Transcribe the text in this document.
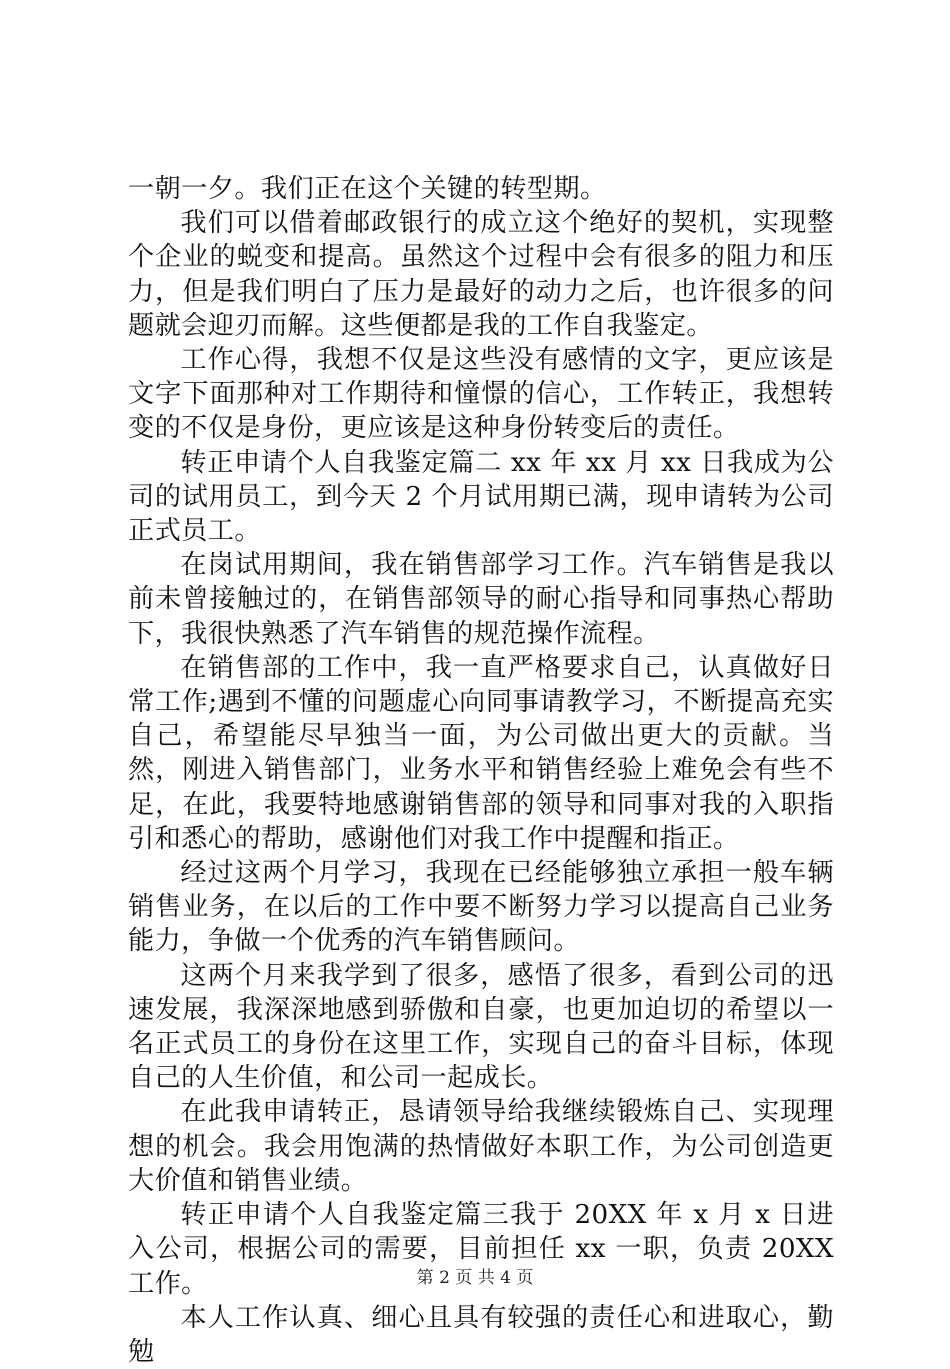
一朝一夕。我们正在这个关键的转型期。

我们可以借着邮政银行的成立这个绝好的契机，实现整个企业的蜕变和提高。虽然这个过程中会有很多的阻力和压力，但是我们明白了压力是最好的动力之后，也许很多的问题就会迎刃而解。这些便都是我的工作自我鉴定。

工作心得，我想不仅是这些没有感情的文字，更应该是文字下面那种对工作期待和憧憬的信心，工作转正，我想转变的不仅是身份，更应该是这种身份转变后的责任。

转正申请个人自我鉴定篇二 xx 年 xx 月 xx 日我成为公司的试用员工，到今天 2 个月试用期已满，现申请转为公司正式员工。

在岗试用期间，我在销售部学习工作。汽车销售是我以前未曾接触过的，在销售部领导的耐心指导和同事热心帮助下，我很快熟悉了汽车销售的规范操作流程。

在销售部的工作中，我一直严格要求自己，认真做好日常工作;遇到不懂的问题虚心向同事请教学习，不断提高充实自己，希望能尽早独当一面，为公司做出更大的贡献。当然，刚进入销售部门，业务水平和销售经验上难免会有些不足，在此，我要特地感谢销售部的领导和同事对我的入职指引和悉心的帮助，感谢他们对我工作中提醒和指正。

经过这两个月学习，我现在已经能够独立承担一般车辆销售业务，在以后的工作中要不断努力学习以提高自己业务能力，争做一个优秀的汽车销售顾问。

这两个月来我学到了很多，感悟了很多，看到公司的迅速发展，我深深地感到骄傲和自豪，也更加迫切的希望以一名正式员工的身份在这里工作，实现自己的奋斗目标，体现自己的人生价值，和公司一起成长。

在此我申请转正，恳请领导给我继续锻炼自己、实现理想的机会。我会用饱满的热情做好本职工作，为公司创造更大价值和销售业绩。

转正申请个人自我鉴定篇三我于 20XX 年 x 月 x 日进入公司，根据公司的需要，目前担任 xx 一职，负责 20XX 工作。

本人工作认真、细心且具有较强的责任心和进取心，勤勉

第 2 页 共 4 页
